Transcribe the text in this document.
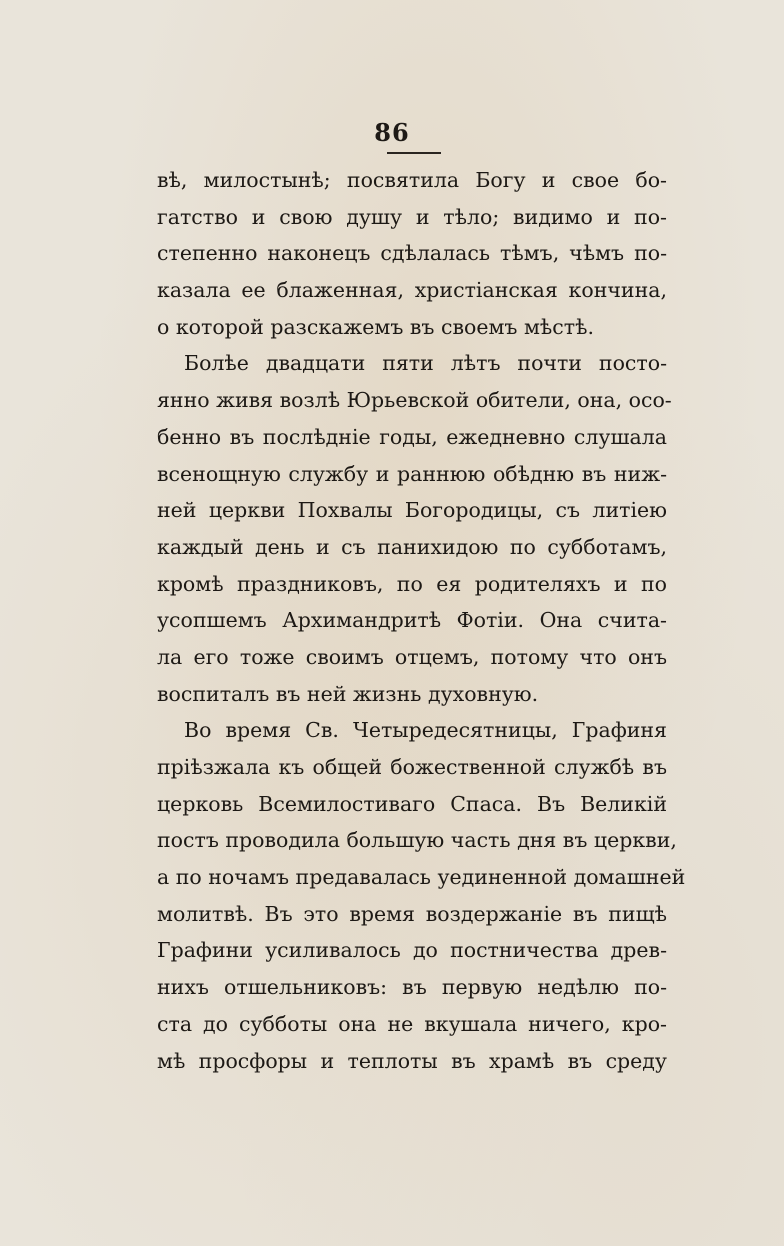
86
вѣ, милостынѣ; посвятила Богу и свое бо-
гатство и свою душу и тѣло; видимо и по-
степенно наконецъ сдѣлалась тѣмъ, чѣмъ по-
казала ее блаженная, христіанская кончина,
о которой разскажемъ въ своемъ мѣстѣ.
Болѣе двадцати пяти лѣтъ почти посто-
янно живя возлѣ Юрьевской обители, она, осо-
бенно въ послѣдніе годы, ежедневно слушала
всенощную службу и раннюю обѣдню въ ниж-
ней церкви Похвалы Богородицы, съ литіею
каждый день и съ панихидою по субботамъ,
кромѣ праздниковъ, по ея родителяхъ и по
усопшемъ Архимандритѣ Фотіи. Она счита-
ла его тоже своимъ отцемъ, потому что онъ
воспиталъ въ ней жизнь духовную.
Во время Св. Четыредесятницы, Графиня
пріѣзжала къ общей божественной службѣ въ
церковь Всемилостиваго Спаса. Въ Великій
постъ проводила большую часть дня въ церкви,
а по ночамъ предавалась уединенной домашней
молитвѣ. Въ это время воздержаніе въ пищѣ
Графини усиливалось до постничества древ-
нихъ отшельниковъ: въ первую недѣлю по-
ста до субботы она не вкушала ничего, кро-
мѣ просфоры и теплоты въ храмѣ въ среду
